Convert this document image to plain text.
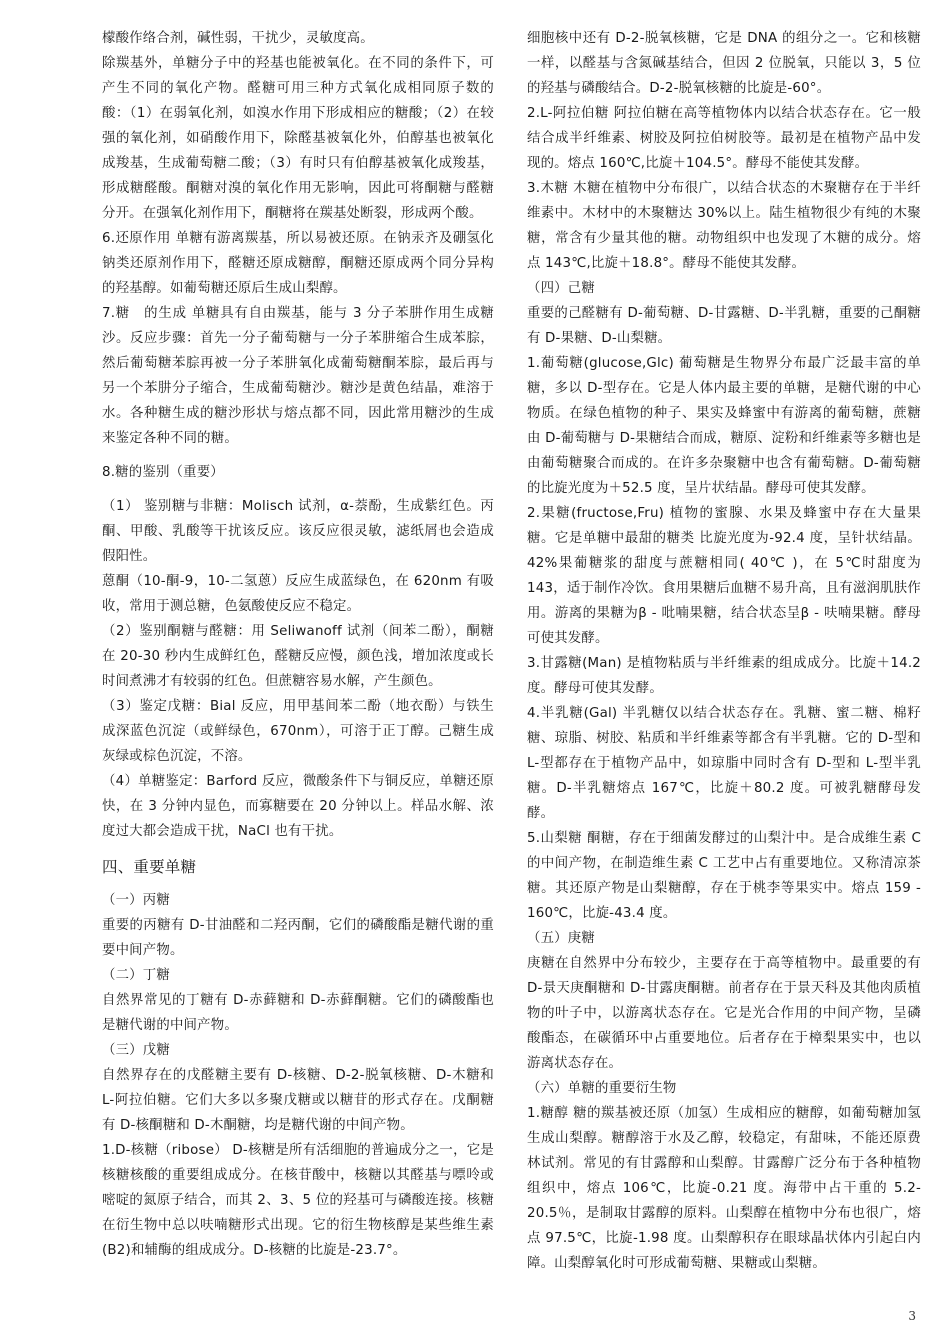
檬酸作络合剂，碱性弱，干扰少，灵敏度高。

除羰基外，单糖分子中的羟基也能被氧化。在不同的条件下，可产生不同的氧化产物。醛糖可用三种方式氧化成相同原子数的酸：（1）在弱氧化剂，如溴水作用下形成相应的糖酸；（2）在较强的氧化剂，如硝酸作用下，除醛基被氧化外，伯醇基也被氧化成羧基，生成葡萄糖二酸；（3）有时只有伯醇基被氧化成羧基，形成糖醛酸。酮糖对溴的氧化作用无影响，因此可将酮糖与醛糖分开。在强氧化剂作用下，酮糖将在羰基处断裂，形成两个酸。

6.还原作用 单糖有游离羰基，所以易被还原。在钠汞齐及硼氢化钠类还原剂作用下，醛糖还原成糖醇，酮糖还原成两个同分异构的羟基醇。如葡萄糖还原后生成山梨醇。

7.糖　的生成 单糖具有自由羰基，能与 3 分子苯肼作用生成糖沙。反应步骤：首先一分子葡萄糖与一分子苯肼缩合生成苯腙，然后葡萄糖苯腙再被一分子苯肼氧化成葡萄糖酮苯腙，最后再与另一个苯肼分子缩合，生成葡萄糖沙。糖沙是黄色结晶，难溶于水。各种糖生成的糖沙形状与熔点都不同，因此常用糖沙的生成来鉴定各种不同的糖。

8.糖的鉴别（重要）

（1） 鉴别糖与非糖：Molisch 试剂，α-萘酚，生成紫红色。丙酮、甲酸、乳酸等干扰该反应。该反应很灵敏，滤纸屑也会造成假阳性。

蒽酮（10-酮-9，10-二氢蒽）反应生成蓝绿色，在 620nm 有吸收，常用于测总糖，色氨酸使反应不稳定。

（2）鉴别酮糖与醛糖：用 Seliwanoff 试剂（间苯二酚），酮糖在 20-30 秒内生成鲜红色，醛糖反应慢，颜色浅，增加浓度或长时间煮沸才有较弱的红色。但蔗糖容易水解，产生颜色。

（3）鉴定戊糖：Bial 反应，用甲基间苯二酚（地衣酚）与铁生成深蓝色沉淀（或鲜绿色，670nm），可溶于正丁醇。己糖生成灰绿或棕色沉淀，不溶。

（4）单糖鉴定：Barford 反应，微酸条件下与铜反应，单糖还原快，在 3 分钟内显色，而寡糖要在 20 分钟以上。样品水解、浓度过大都会造成干扰，NaCl 也有干扰。

四、重要单糖

（一）丙糖

重要的丙糖有 D-甘油醛和二羟丙酮，它们的磷酸酯是糖代谢的重要中间产物。

（二）丁糖

自然界常见的丁糖有 D-赤藓糖和 D-赤藓酮糖。它们的磷酸酯也是糖代谢的中间产物。

（三）戊糖

自然界存在的戊醛糖主要有 D-核糖、D-2-脱氧核糖、D-木糖和 L-阿拉伯糖。它们大多以多聚戊糖或以糖苷的形式存在。戊酮糖有 D-核酮糖和 D-木酮糖，均是糖代谢的中间产物。

1.D-核糖（ribose） D-核糖是所有活细胞的普遍成分之一，它是核糖核酸的重要组成成分。在核苷酸中，核糖以其醛基与嘌呤或嘧啶的氮原子结合，而其 2、3、5 位的羟基可与磷酸连接。核糖在衍生物中总以呋喃糖形式出现。它的衍生物核醇是某些维生素(B2)和辅酶的组成成分。D-核糖的比旋是-23.7°。

细胞核中还有 D-2-脱氧核糖，它是 DNA 的组分之一。它和核糖一样，以醛基与含氮碱基结合，但因 2 位脱氧，只能以 3，5 位的羟基与磷酸结合。D-2-脱氧核糖的比旋是-60°。

2.L-阿拉伯糖 阿拉伯糖在高等植物体内以结合状态存在。它一般结合成半纤维素、树胶及阿拉伯树胶等。最初是在植物产品中发现的。熔点 160℃,比旋＋104.5°。酵母不能使其发酵。

3.木糖 木糖在植物中分布很广，以结合状态的木聚糖存在于半纤维素中。木材中的木聚糖达 30%以上。陆生植物很少有纯的木聚糖，常含有少量其他的糖。动物组织中也发现了木糖的成分。熔点 143℃,比旋＋18.8°。酵母不能使其发酵。

（四）己糖

重要的己醛糖有 D-葡萄糖、D-甘露糖、D-半乳糖，重要的己酮糖有 D-果糖、D-山梨糖。

1.葡萄糖(glucose,Glc) 葡萄糖是生物界分布最广泛最丰富的单糖，多以 D-型存在。它是人体内最主要的单糖，是糖代谢的中心物质。在绿色植物的种子、果实及蜂蜜中有游离的葡萄糖，蔗糖由 D-葡萄糖与 D-果糖结合而成，糖原、淀粉和纤维素等多糖也是由葡萄糖聚合而成的。在许多杂聚糖中也含有葡萄糖。D-葡萄糖的比旋光度为＋52.5 度，呈片状结晶。酵母可使其发酵。

2.果糖(fructose,Fru) 植物的蜜腺、水果及蜂蜜中存在大量果糖。它是单糖中最甜的糖类 比旋光度为-92.4 度，呈针状结晶。42%果葡糖浆的甜度与蔗糖相同( 40℃ )，在 5℃时甜度为 143，适于制作冷饮。食用果糖后血糖不易升高，且有滋润肌肤作用。游离的果糖为β - 吡喃果糖，结合状态呈β - 呋喃果糖。酵母可使其发酵。

3.甘露糖(Man) 是植物粘质与半纤维素的组成成分。比旋＋14.2度。酵母可使其发酵。

4.半乳糖(Gal) 半乳糖仅以结合状态存在。乳糖、蜜二糖、棉籽糖、琼脂、树胶、粘质和半纤维素等都含有半乳糖。它的 D-型和 L-型都存在于植物产品中，如琼脂中同时含有 D-型和 L-型半乳糖。D-半乳糖熔点 167℃，比旋＋80.2 度。可被乳糖酵母发酵。

5.山梨糖 酮糖，存在于细菌发酵过的山梨汁中。是合成维生素 C 的中间产物，在制造维生素 C 工艺中占有重要地位。又称清凉茶糖。其还原产物是山梨糖醇，存在于桃李等果实中。熔点 159 - 160℃，比旋-43.4 度。

（五）庚糖

庚糖在自然界中分布较少，主要存在于高等植物中。最重要的有 D-景天庚酮糖和 D-甘露庚酮糖。前者存在于景天科及其他肉质植物的叶子中，以游离状态存在。它是光合作用的中间产物，呈磷酸酯态，在碳循环中占重要地位。后者存在于樟梨果实中，也以游离状态存在。

（六）单糖的重要衍生物

1.糖醇 糖的羰基被还原（加氢）生成相应的糖醇，如葡萄糖加氢生成山梨醇。糖醇溶于水及乙醇，较稳定，有甜味，不能还原费林试剂。常见的有甘露醇和山梨醇。甘露醇广泛分布于各种植物组织中，熔点 106℃，比旋-0.21 度。海带中占干重的 5.2-20.5％，是制取甘露醇的原料。山梨醇在植物中分布也很广，熔点 97.5℃，比旋-1.98 度。山梨醇积存在眼球晶状体内引起白内障。山梨醇氧化时可形成葡萄糖、果糖或山梨糖。

3
